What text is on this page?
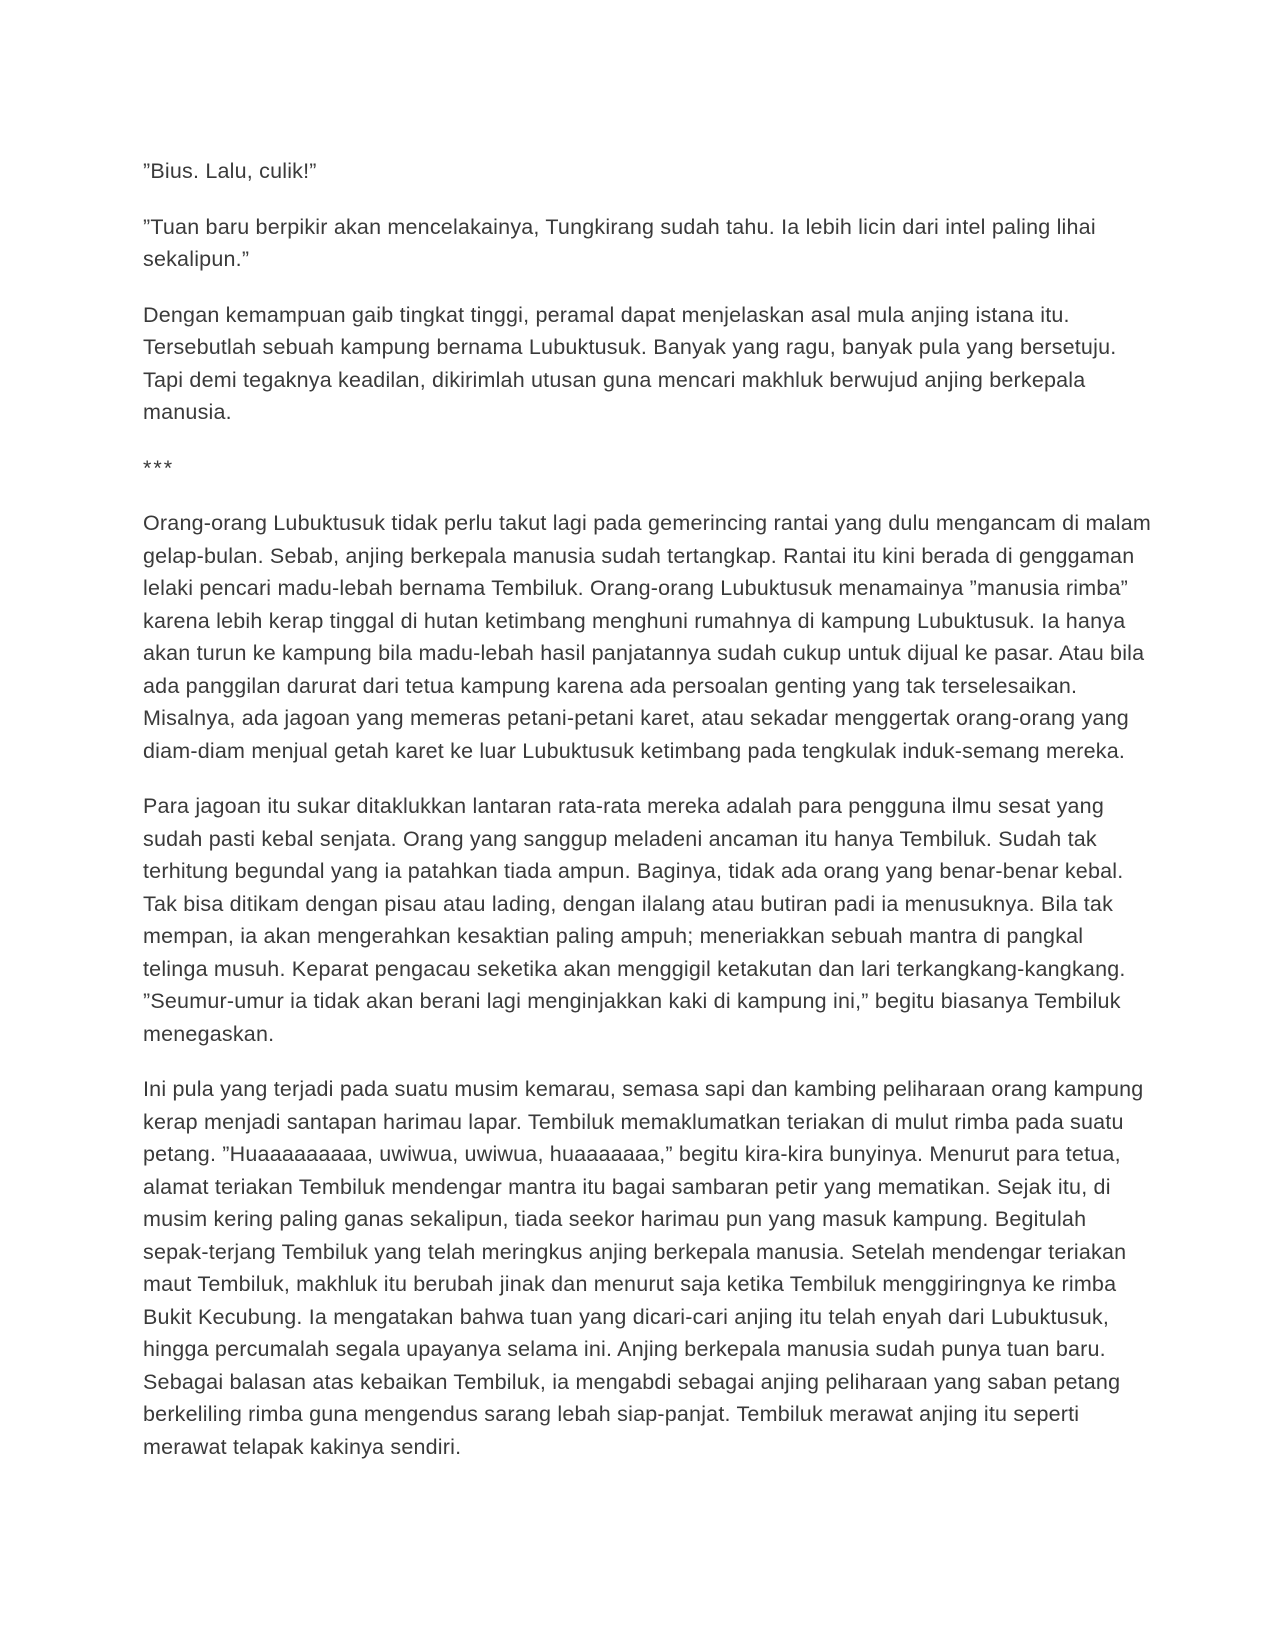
”Bius. Lalu, culik!”

”Tuan baru berpikir akan mencelakainya, Tungkirang sudah tahu. Ia lebih licin dari intel paling lihai sekalipun.”

Dengan kemampuan gaib tingkat tinggi, peramal dapat menjelaskan asal mula anjing istana itu. Tersebutlah sebuah kampung bernama Lubuktusuk. Banyak yang ragu, banyak pula yang bersetuju. Tapi demi tegaknya keadilan, dikirimlah utusan guna mencari makhluk berwujud anjing berkepala manusia.

***

Orang-orang Lubuktusuk tidak perlu takut lagi pada gemerincing rantai yang dulu mengancam di malam gelap-bulan. Sebab, anjing berkepala manusia sudah tertangkap. Rantai itu kini berada di genggaman lelaki pencari madu-lebah bernama Tembiluk. Orang-orang Lubuktusuk menamainya ”manusia rimba” karena lebih kerap tinggal di hutan ketimbang menghuni rumahnya di kampung Lubuktusuk. Ia hanya akan turun ke kampung bila madu-lebah hasil panjatannya sudah cukup untuk dijual ke pasar. Atau bila ada panggilan darurat dari tetua kampung karena ada persoalan genting yang tak terselesaikan. Misalnya, ada jagoan yang memeras petani-petani karet, atau sekadar menggertak orang-orang yang diam-diam menjual getah karet ke luar Lubuktusuk ketimbang pada tengkulak induk-semang mereka.

Para jagoan itu sukar ditaklukkan lantaran rata-rata mereka adalah para pengguna ilmu sesat yang sudah pasti kebal senjata. Orang yang sanggup meladeni ancaman itu hanya Tembiluk. Sudah tak terhitung begundal yang ia patahkan tiada ampun. Baginya, tidak ada orang yang benar-benar kebal. Tak bisa ditikam dengan pisau atau lading, dengan ilalang atau butiran padi ia menusuknya. Bila tak mempan, ia akan mengerahkan kesaktian paling ampuh; meneriakkan sebuah mantra di pangkal telinga musuh. Keparat pengacau seketika akan menggigil ketakutan dan lari terkangkang-kangkang. ”Seumur-umur ia tidak akan berani lagi menginjakkan kaki di kampung ini,” begitu biasanya Tembiluk menegaskan.

Ini pula yang terjadi pada suatu musim kemarau, semasa sapi dan kambing peliharaan orang kampung kerap menjadi santapan harimau lapar. Tembiluk memaklumatkan teriakan di mulut rimba pada suatu petang. ”Huaaaaaaaaa, uwiwua, uwiwua, huaaaaaaa,” begitu kira-kira bunyinya. Menurut para tetua, alamat teriakan Tembiluk mendengar mantra itu bagai sambaran petir yang mematikan. Sejak itu, di musim kering paling ganas sekalipun, tiada seekor harimau pun yang masuk kampung. Begitulah sepak-terjang Tembiluk yang telah meringkus anjing berkepala manusia. Setelah mendengar teriakan maut Tembiluk, makhluk itu berubah jinak dan menurut saja ketika Tembiluk menggiringnya ke rimba Bukit Kecubung. Ia mengatakan bahwa tuan yang dicari-cari anjing itu telah enyah dari Lubuktusuk, hingga percumalah segala upayanya selama ini. Anjing berkepala manusia sudah punya tuan baru. Sebagai balasan atas kebaikan Tembiluk, ia mengabdi sebagai anjing peliharaan yang saban petang berkeliling rimba guna mengendus sarang lebah siap-panjat. Tembiluk merawat anjing itu seperti merawat telapak kakinya sendiri.
